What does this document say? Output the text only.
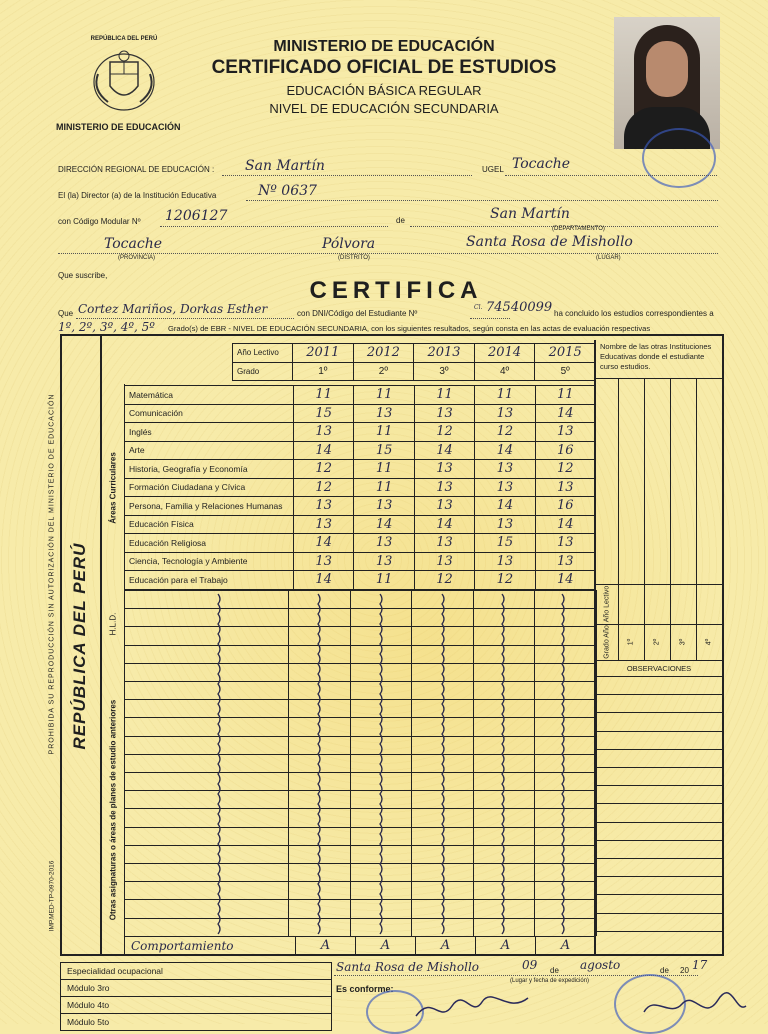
REPÚBLICA DEL PERÚ
MINISTERIO DE EDUCACIÓN
MINISTERIO DE EDUCACIÓN
CERTIFICADO OFICIAL DE ESTUDIOS
EDUCACIÓN BÁSICA REGULAR
NIVEL DE EDUCACIÓN SECUNDARIA
DIRECCIÓN REGIONAL DE EDUCACIÓN : San Martín	UGEL Tocache
El (la) Director (a) de la Institución Educativa	Nº 0637
con Código Modular Nº 1206127	de	San Martín
(DEPARTAMENTO)
Tocache
(PROVINCIA)
Pólvora
(DISTRITO)
Santa Rosa de Mishollo
(LUGAR)
Que suscribe,
CERTIFICA
Que Cortez Mariños, Dorkas Esther	con DNI/Código del Estudiante Nº
Cl. 74540099 ha concluido los estudios correspondientes a
1º, 2º, 3º, 4º, 5º Grado(s) de EBR - NIVEL DE EDUCACIÓN SECUNDARIA, con los siguientes resultados, según consta en las actas de evaluación respectivas
REPÚBLICA DEL PERÚ
PROHIBIDA SU REPRODUCCIÓN SIN AUTORIZACIÓN DEL MINISTERIO DE EDUCACIÓN
IMP.MED-TP-0970-2016
Áreas Curriculares
H.L.D.
Otras asignaturas o áreas de planes de estudio anteriores
Año Lectivo	2011	2012	2013	2014	2015
Grado	1º	2º	3º	4º	5º
Matemática	11	11	11	11	11
Comunicación	15	13	13	13	14
Inglés	13	11	12	12	13
Arte	14	15	14	14	16
Historia, Geografía y Economía	12	11	13	13	12
Formación Ciudadana y Cívica	12	11	13	13	13
Persona, Familia y Relaciones Humanas	13	13	13	14	16
Educación Física	13	14	14	13	14
Educación Religiosa	14	13	13	15	13
Ciencia, Tecnología y Ambiente	13	13	13	13	13
Educación para el Trabajo	14	11	12	12	14
Comportamiento	A	A	A	A	A
Nombre de las otras Instituciones Educativas donde el estudiante curso estudios.
Año Lectivo
Grado Año 1º	2º	3º	4º
OBSERVACIONES
Especialidad ocupacional
Módulo 3ro
Módulo 4to
Módulo 5to
Santa Rosa de Mishollo	09 de agosto	de 20 17
(Lugar y fecha de expedición)
Es conforme:
